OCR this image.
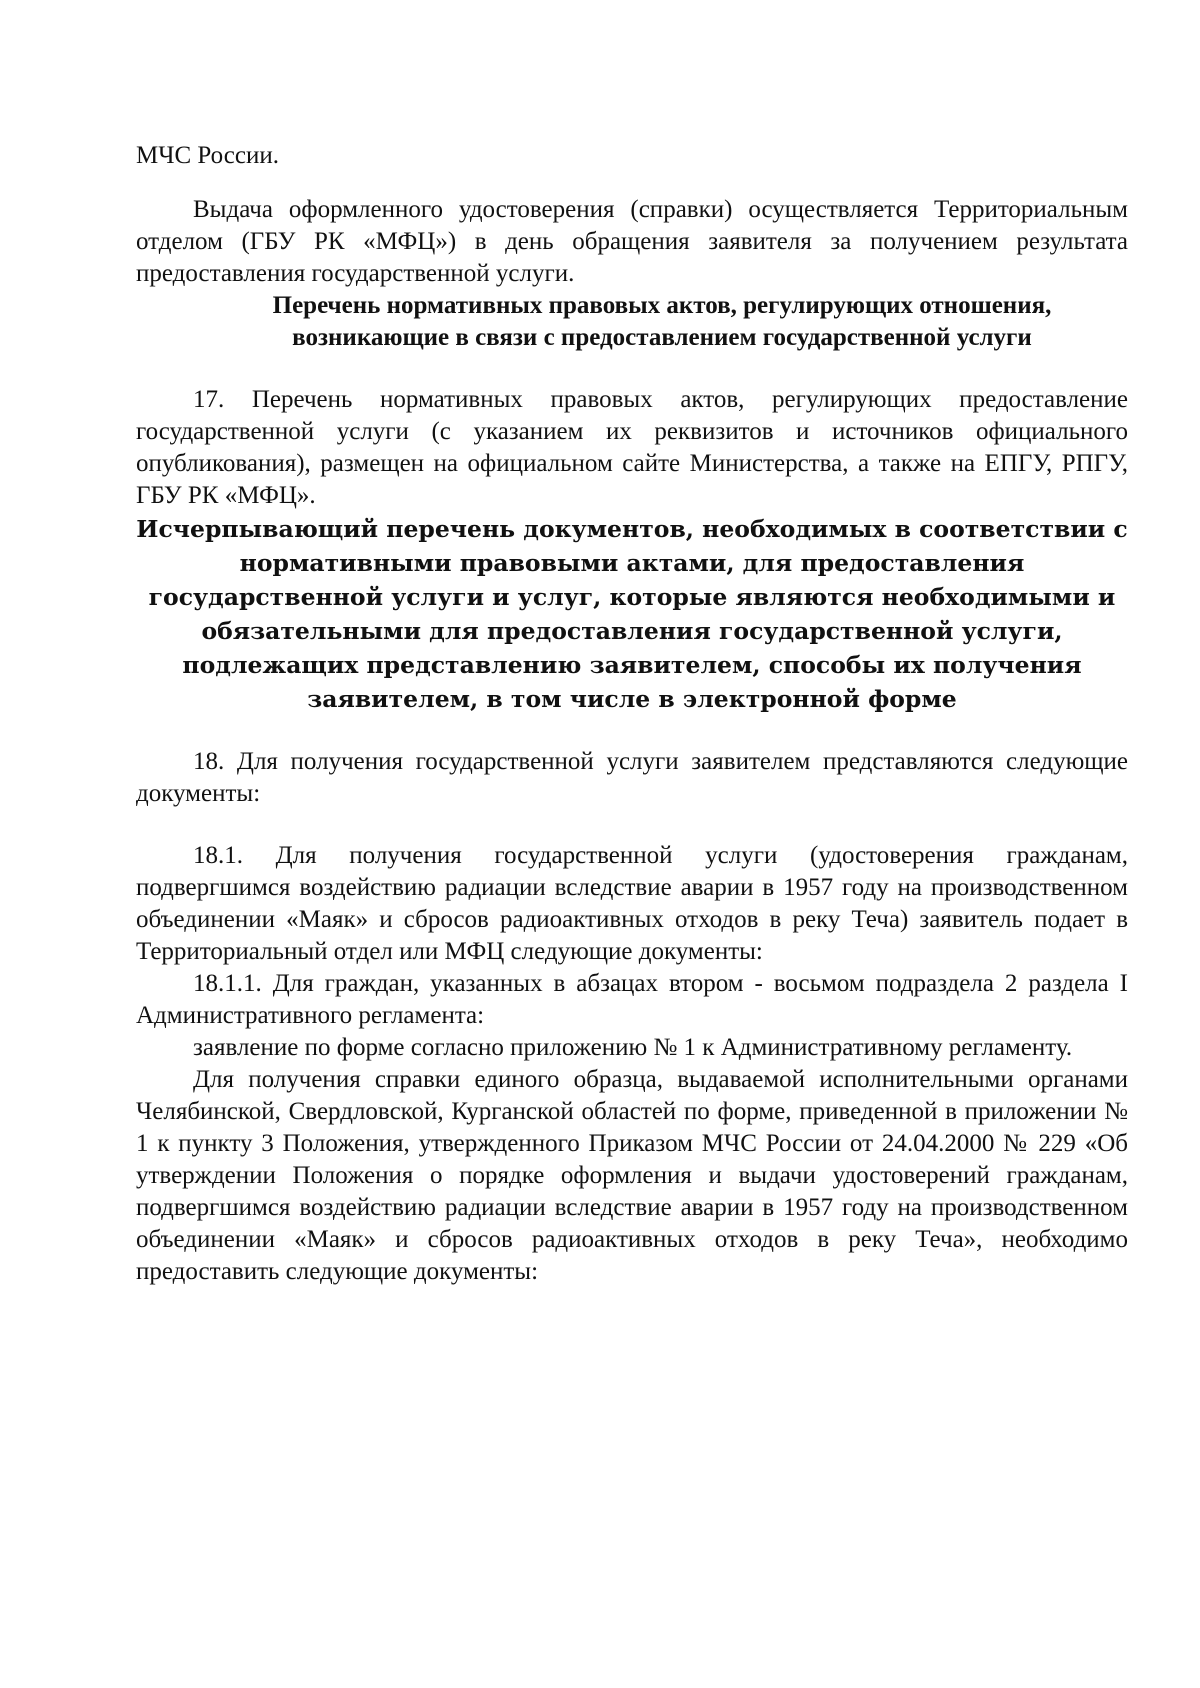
МЧС России.

Выдача оформленного удостоверения (справки) осуществляется Территориальным отделом (ГБУ РК «МФЦ») в день обращения заявителя за получением результата предоставления государственной услуги.

Перечень нормативных правовых актов, регулирующих отношения, возникающие в связи с предоставлением государственной услуги

17. Перечень нормативных правовых актов, регулирующих предоставление государственной услуги (с указанием их реквизитов и источников официального опубликования), размещен на официальном сайте Министерства, а также на ЕПГУ, РПГУ, ГБУ РК «МФЦ».

Исчерпывающий перечень документов, необходимых в соответствии с нормативными правовыми актами, для предоставления государственной услуги и услуг, которые являются необходимыми и обязательными для предоставления государственной услуги, подлежащих представлению заявителем, способы их получения заявителем, в том числе в электронной форме

18. Для получения государственной услуги заявителем представляются следующие документы:

18.1. Для получения государственной услуги (удостоверения гражданам, подвергшимся воздействию радиации вследствие аварии в 1957 году на производственном объединении «Маяк» и сбросов радиоактивных отходов в реку Теча) заявитель подает в Территориальный отдел или МФЦ следующие документы:

18.1.1. Для граждан, указанных в абзацах втором - восьмом подраздела 2 раздела I Административного регламента:

заявление по форме согласно приложению № 1 к Административному регламенту.

Для получения справки единого образца, выдаваемой исполнительными органами Челябинской, Свердловской, Курганской областей по форме, приведенной в приложении № 1 к пункту 3 Положения, утвержденного Приказом МЧС России от 24.04.2000 № 229 «Об утверждении Положения о порядке оформления и выдачи удостоверений гражданам, подвергшимся воздействию радиации вследствие аварии в 1957 году на производственном объединении «Маяк» и сбросов радиоактивных отходов в реку Теча», необходимо предоставить следующие документы:
